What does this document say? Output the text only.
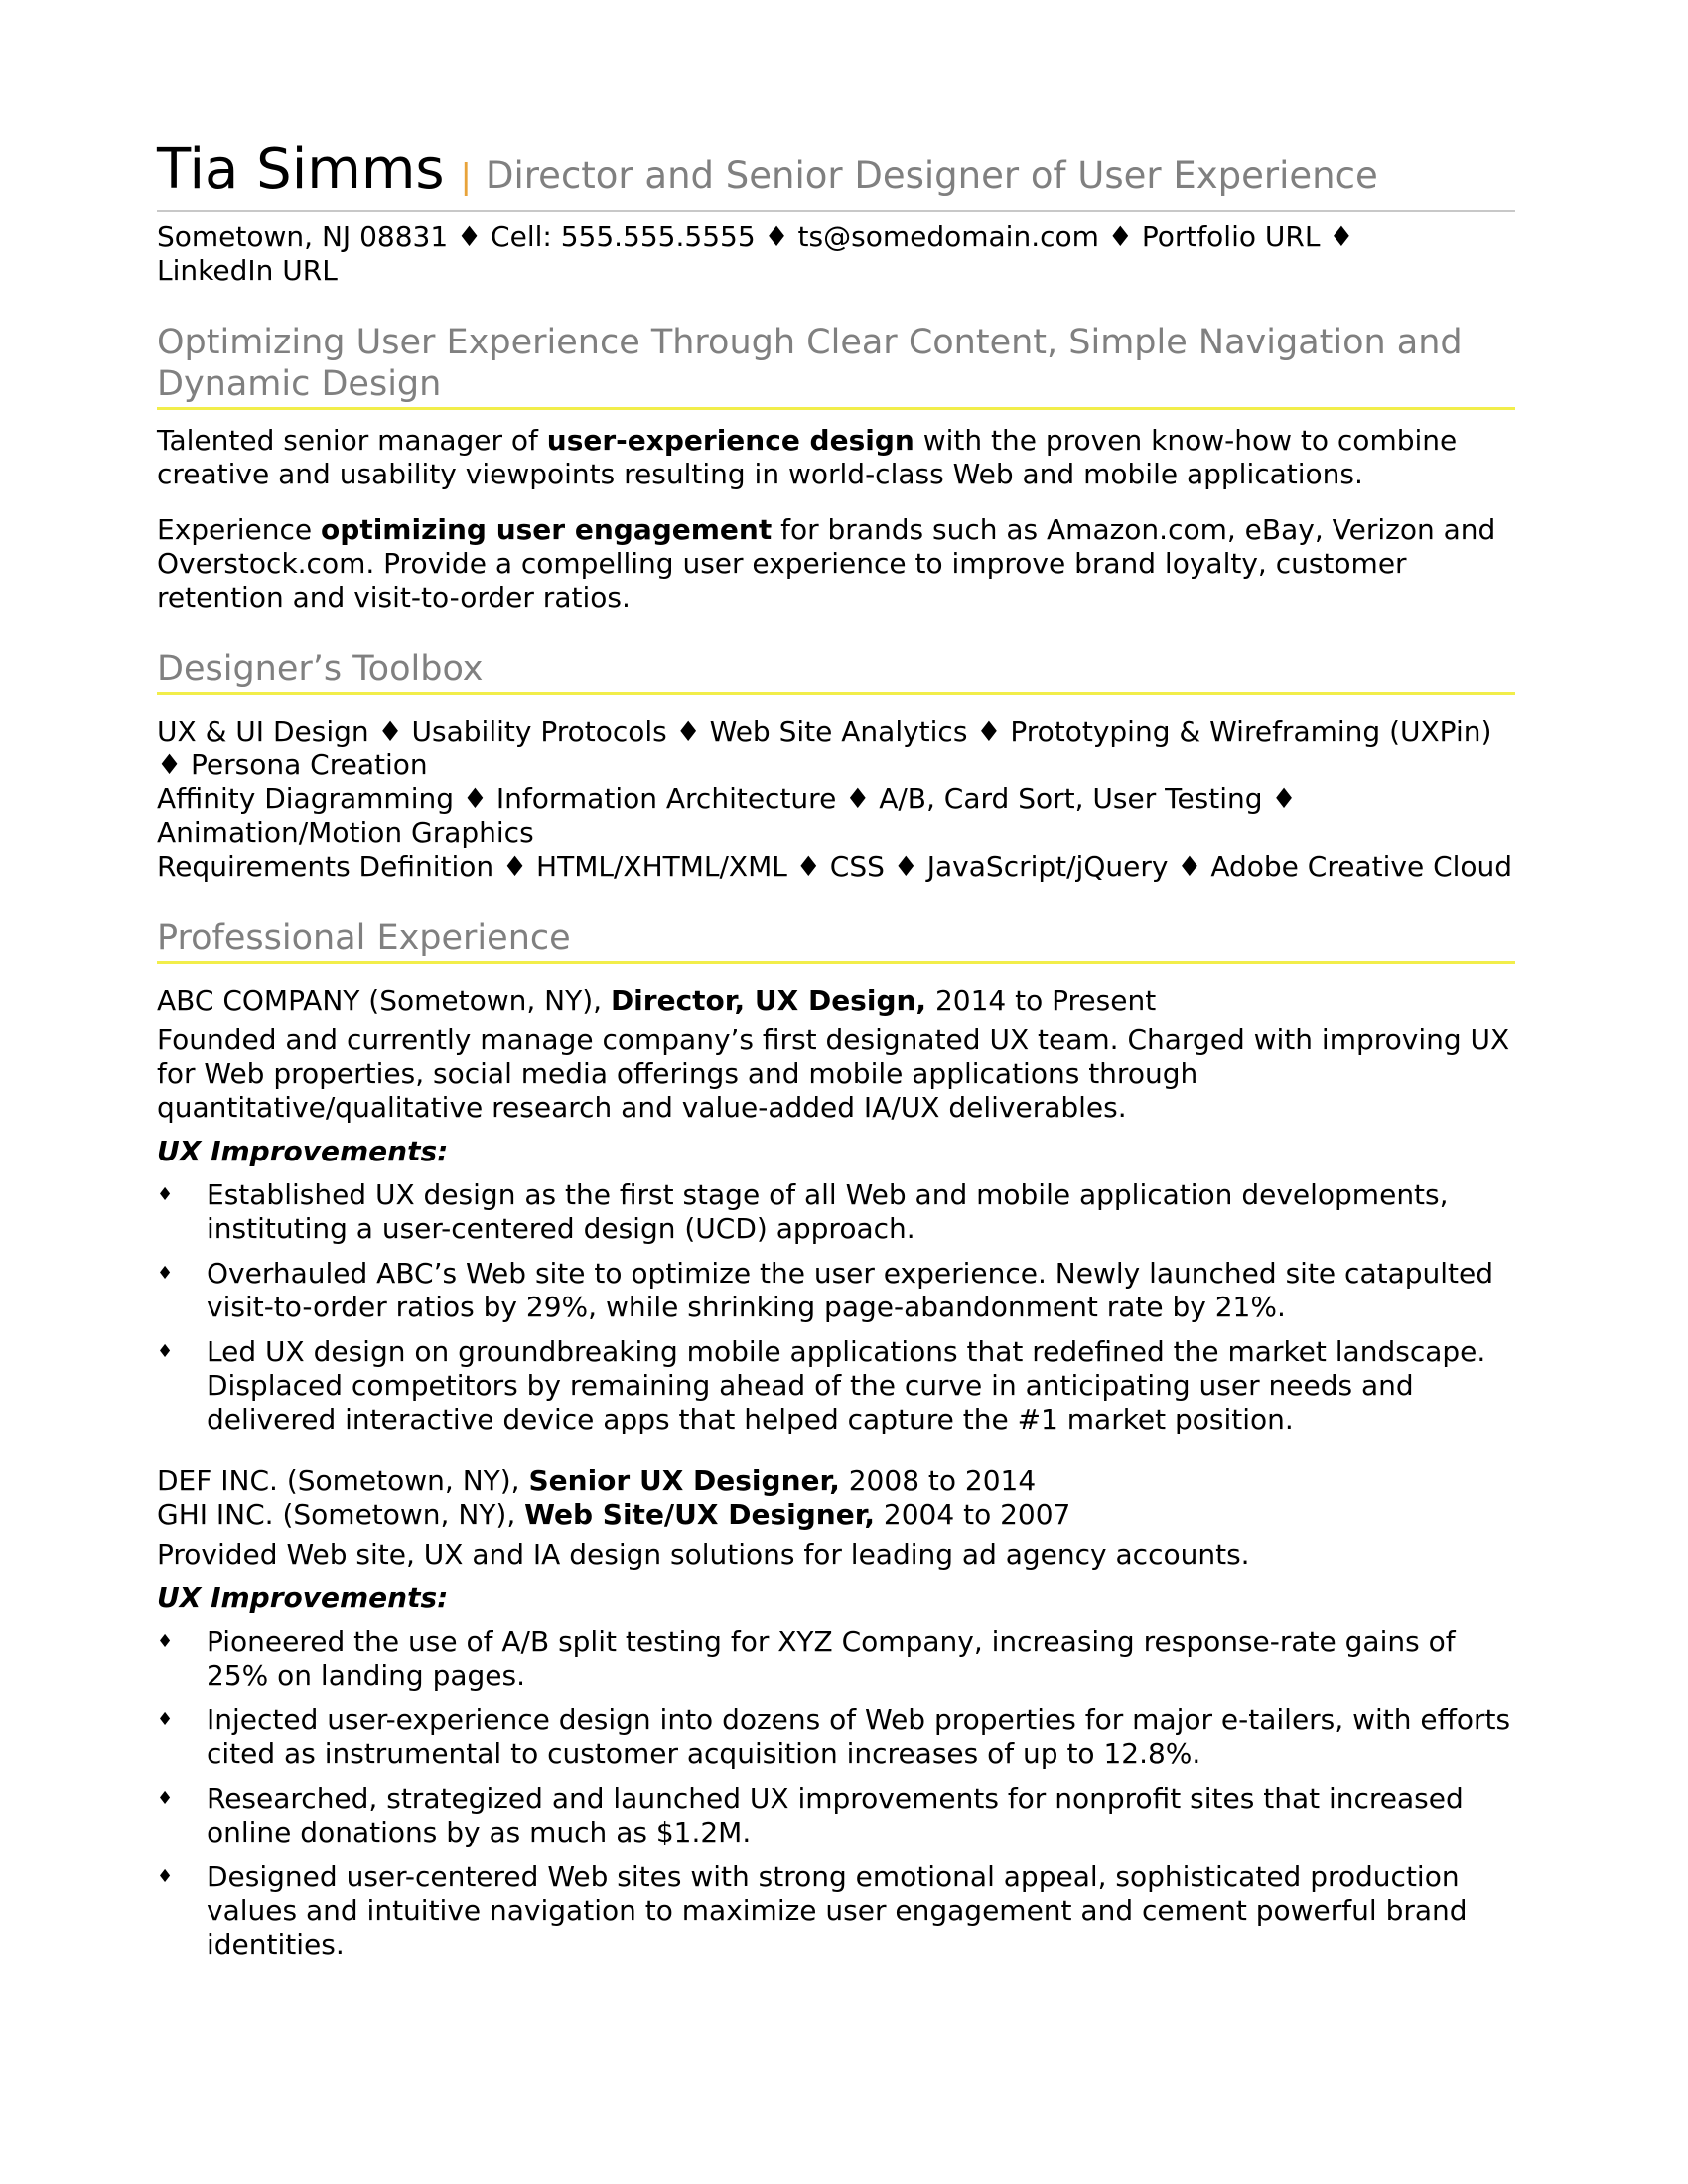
Tia Simms | Director and Senior Designer of User Experience
Sometown, NJ 08831 ♦ Cell: 555.555.5555 ♦ ts@somedomain.com ♦ Portfolio URL ♦
LinkedIn URL
Optimizing User Experience Through Clear Content, Simple Navigation and Dynamic Design

Talented senior manager of user-experience design with the proven know-how to combine creative and usability viewpoints resulting in world-class Web and mobile applications.

Experience optimizing user engagement for brands such as Amazon.com, eBay, Verizon and Overstock.com. Provide a compelling user experience to improve brand loyalty, customer retention and visit-to-order ratios.

Designer’s Toolbox
UX & UI Design ♦ Usability Protocols ♦ Web Site Analytics ♦ Prototyping & Wireframing (UXPin) ♦ Persona Creation
Affinity Diagramming ♦ Information Architecture ♦ A/B, Card Sort, User Testing ♦ Animation/Motion Graphics
Requirements Definition ♦ HTML/XHTML/XML ♦ CSS ♦ JavaScript/jQuery ♦ Adobe Creative Cloud
Professional Experience
ABC COMPANY (Sometown, NY), Director, UX Design, 2014 to Present

Founded and currently manage company’s first designated UX team. Charged with improving UX for Web properties, social media offerings and mobile applications through quantitative/qualitative research and value-added IA/UX deliverables.

UX Improvements:
♦ Established UX design as the first stage of all Web and mobile application developments, instituting a user-centered design (UCD) approach.
♦ Overhauled ABC’s Web site to optimize the user experience. Newly launched site catapulted visit-to-order ratios by 29%, while shrinking page-abandonment rate by 21%.
♦ Led UX design on groundbreaking mobile applications that redefined the market landscape. Displaced competitors by remaining ahead of the curve in anticipating user needs and delivered interactive device apps that helped capture the #1 market position.
DEF INC. (Sometown, NY), Senior UX Designer, 2008 to 2014
GHI INC. (Sometown, NY), Web Site/UX Designer, 2004 to 2007

Provided Web site, UX and IA design solutions for leading ad agency accounts.

UX Improvements:
♦ Pioneered the use of A/B split testing for XYZ Company, increasing response-rate gains of 25% on landing pages.
♦ Injected user-experience design into dozens of Web properties for major e-tailers, with efforts cited as instrumental to customer acquisition increases of up to 12.8%.
♦ Researched, strategized and launched UX improvements for nonprofit sites that increased online donations by as much as $1.2M.
♦ Designed user-centered Web sites with strong emotional appeal, sophisticated production values and intuitive navigation to maximize user engagement and cement powerful brand identities.
